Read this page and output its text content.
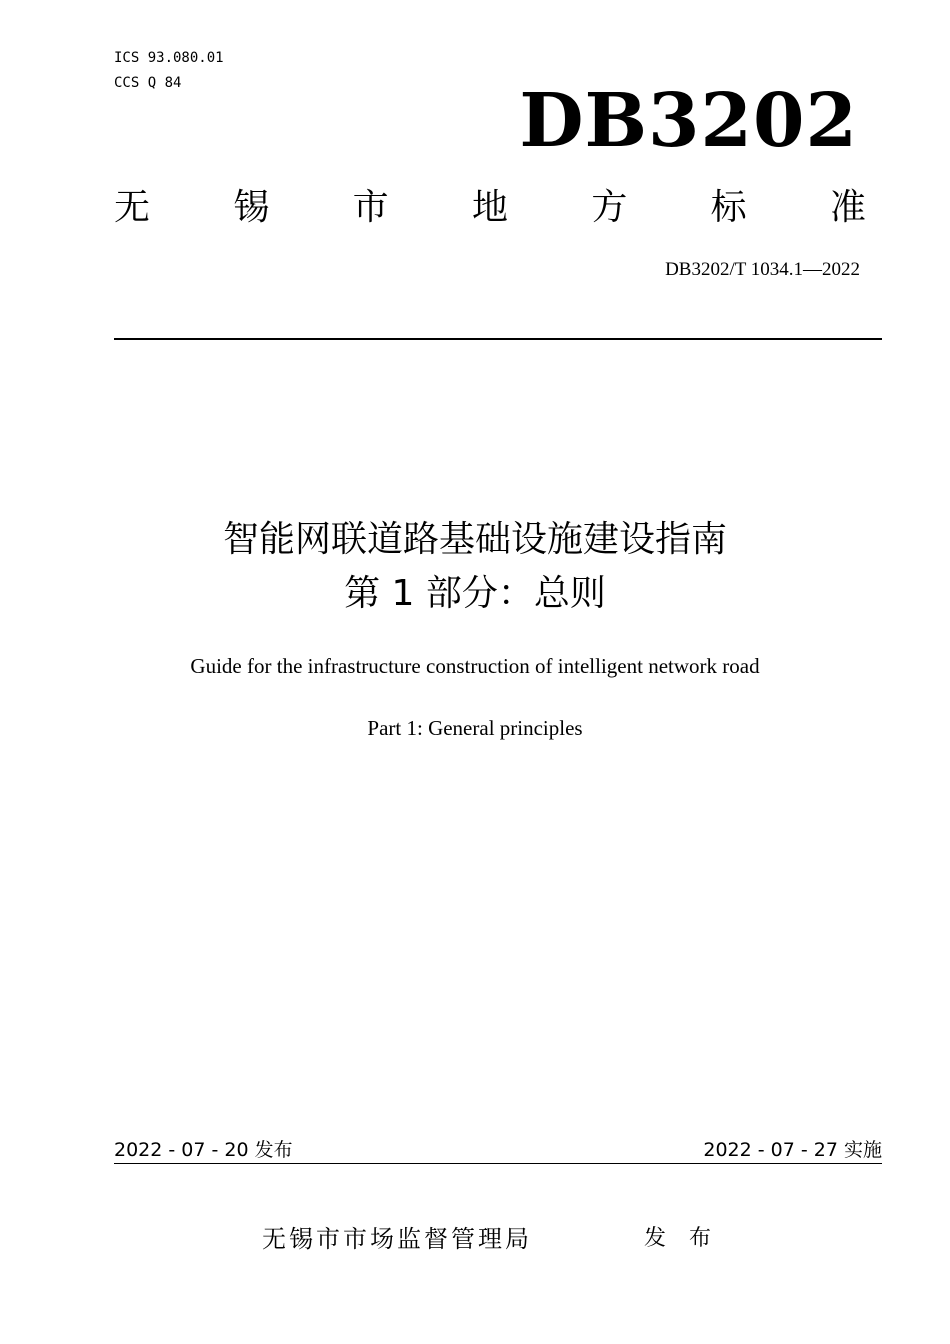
ICS 93.080.01
CCS Q 84	DB3202
无 锡 市 地 方 标 准
DB3202/T 1034.1—2022
智能网联道路基础设施建设指南
第 1 部分：总则
Guide for the infrastructure construction of intelligent network road
Part 1: General principles
2022 - 07 - 20 发布	2022 - 07 - 27 实施
无锡市市场监督管理局	发 布
